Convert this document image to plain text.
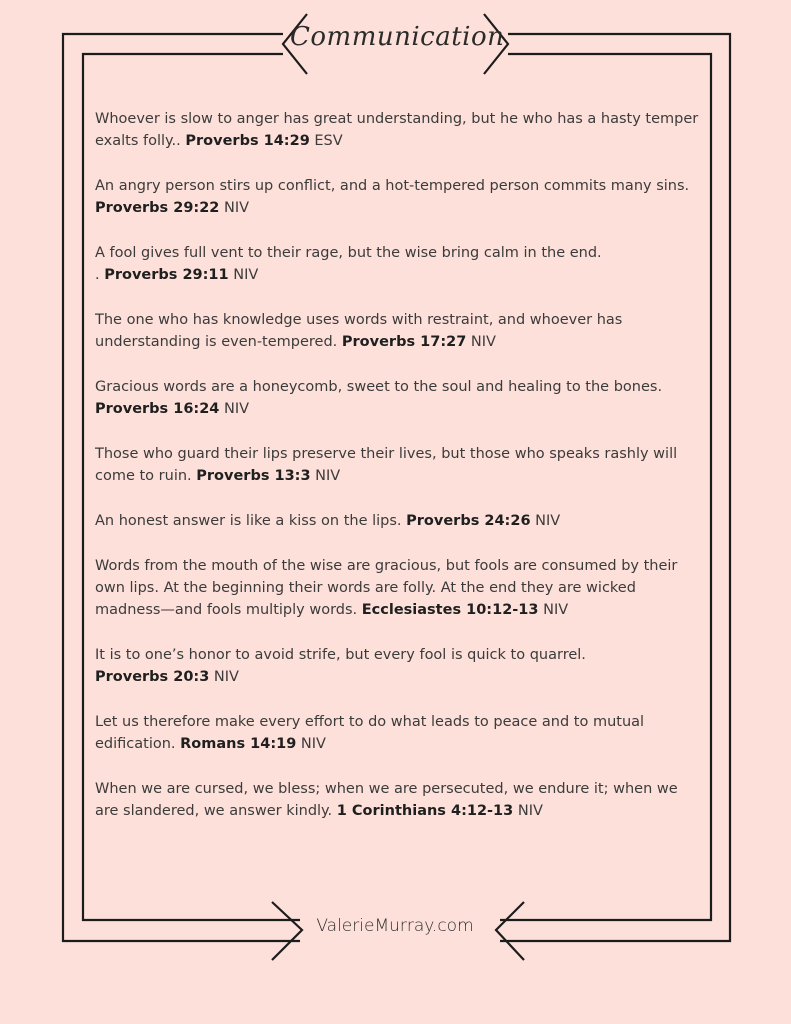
Communication

Whoever is slow to anger has great understanding, but he who has a hasty temper exalts folly.. Proverbs 14:29 ESV

An angry person stirs up conflict, and a hot-tempered person commits many sins. Proverbs 29:22 NIV

A fool gives full vent to their rage, but the wise bring calm in the end.
. Proverbs 29:11 NIV

The one who has knowledge uses words with restraint, and whoever has understanding is even-tempered. Proverbs 17:27 NIV

Gracious words are a honeycomb, sweet to the soul and healing to the bones.
Proverbs 16:24 NIV

Those who guard their lips preserve their lives, but those who speaks rashly will come to ruin. Proverbs 13:3 NIV

An honest answer is like a kiss on the lips. Proverbs 24:26 NIV

Words from the mouth of the wise are gracious, but fools are consumed by their own lips. At the beginning their words are folly. At the end they are wicked madness—and fools multiply words. Ecclesiastes 10:12-13 NIV

It is to one’s honor to avoid strife, but every fool is quick to quarrel.
Proverbs 20:3 NIV

Let us therefore make every effort to do what leads to peace and to mutual edification. Romans 14:19 NIV

When we are cursed, we bless; when we are persecuted, we endure it; when we are slandered, we answer kindly. 1 Corinthians 4:12-13 NIV

ValerieMurray.com
